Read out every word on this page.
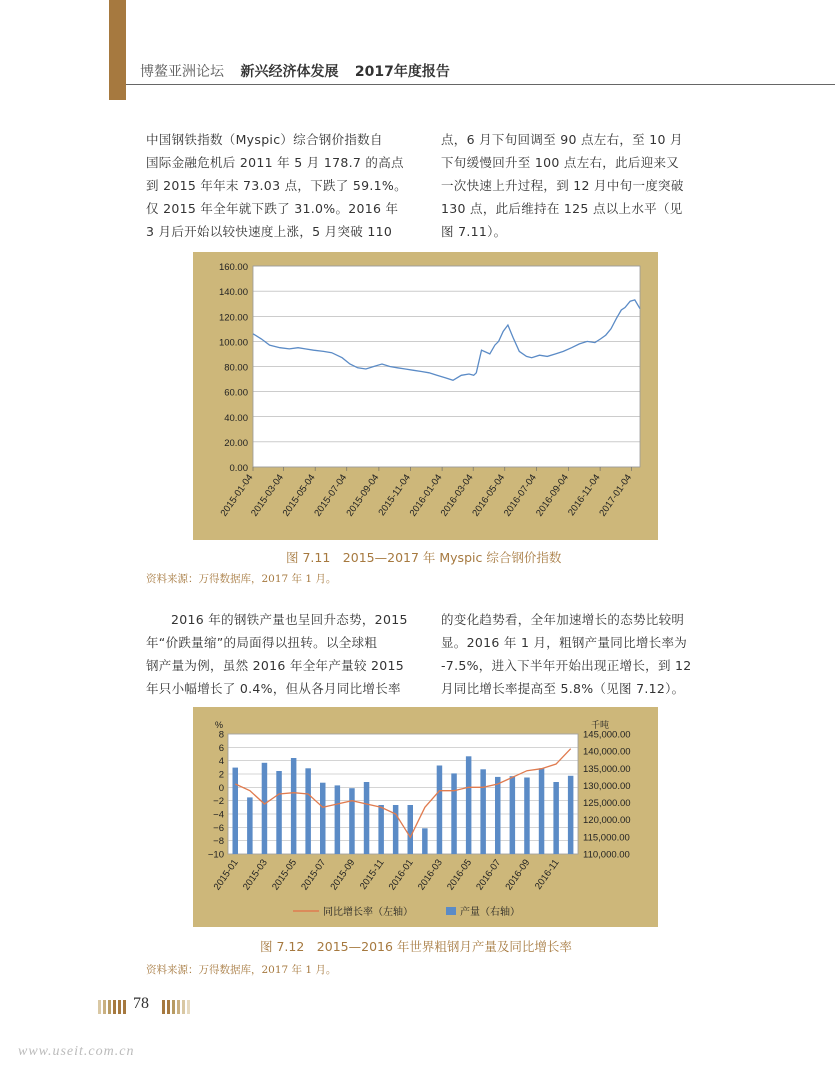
博鳌亚洲论坛 新兴经济体发展 2017年度报告

中国钢铁指数（Myspic）综合钢价指数自

国际金融危机后 2011 年 5 月 178.7 的高点

到 2015 年年末 73.03 点，下跌了 59.1%。

仅 2015 年全年就下跌了 31.0%。2016 年

3 月后开始以较快速度上涨，5 月突破 110

点，6 月下旬回调至 90 点左右，至 10 月

下旬缓慢回升至 100 点左右，此后迎来又

一次快速上升过程，到 12 月中旬一度突破

130 点，此后维持在 125 点以上水平（见

图 7.11）。

0.00
20.00
40.00
60.00
80.00
100.00
120.00
140.00
160.00
2015-01-04
2015-03-04
2015-05-04
2015-07-04
2015-09-04
2015-11-04
2016-01-04
2016-03-04
2016-05-04
2016-07-04
2016-09-04
2016-11-04
2017-01-04
图 7.11　2015—2017 年 Myspic 综合钢价指数
资料来源：万得数据库，2017 年 1 月。

2016 年的钢铁产量也呈回升态势，2015

年“价跌量缩”的局面得以扭转。以全球粗

钢产量为例，虽然 2016 年全年产量较 2015

年只小幅增长了 0.4%，但从各月同比增长率

的变化趋势看，全年加速增长的态势比较明

显。2016 年 1 月，粗钢产量同比增长率为

-7.5%，进入下半年开始出现正增长，到 12

月同比增长率提高至 5.8%（见图 7.12）。

8
6
4
2
0
−2
−4
−6
−8
−10
145,000.00
140,000.00
135,000.00
130,000.00
125,000.00
120,000.00
115,000.00
110,000.00
2015-01 2015-03 2015-05 2015-07 2015-09 2015-11 2016-01 2016-03 2016-05 2016-07 2016-09 2016-11
%	千吨
同比增长率（左轴）	产量（右轴）
图 7.12　2015—2016 年世界粗钢月产量及同比增长率
资料来源：万得数据库，2017 年 1 月。
78
www.useit.com.cn
